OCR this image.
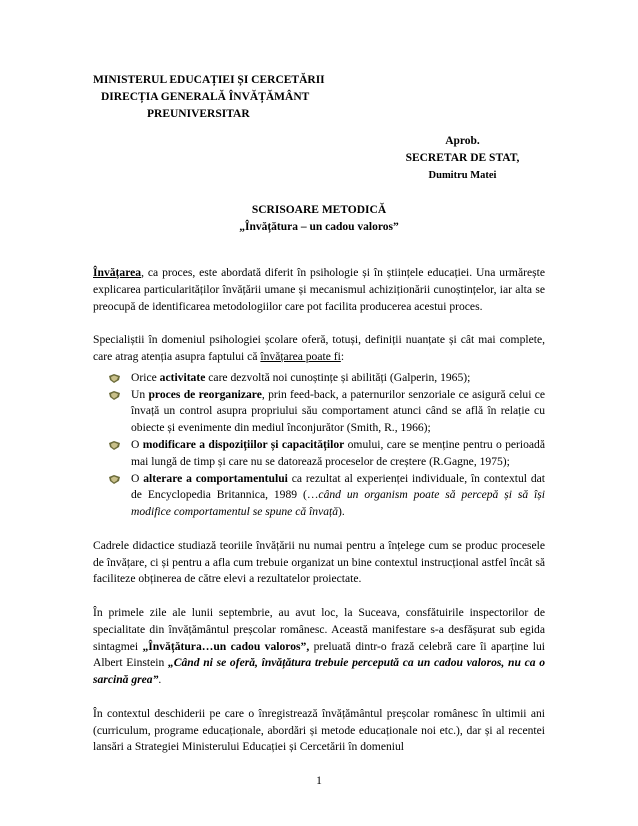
MINISTERUL EDUCAȚIEI ȘI CERCETĂRII
DIRECȚIA GENERALĂ ÎNVĂȚĂMÂNT
PREUNIVERSITAR
Aprob.
SECRETAR DE STAT,
Dumitru Matei
SCRISOARE METODICĂ
„Învățătura – un cadou valoros”

Învățarea, ca proces, este abordată diferit în psihologie și în științele educației. Una urmărește explicarea particularităților învățării umane și mecanismul achiziționării cunoștințelor, iar alta se preocupă de identificarea metodologiilor care pot facilita producerea acestui proces.

Specialiștii în domeniul psihologiei școlare oferă, totuși, definiții nuanțate și cât mai complete, care atrag atenția asupra faptului că învățarea poate fi:

Orice activitate care dezvoltă noi cunoștințe și abilități (Galperin, 1965);
Un proces de reorganizare, prin feed-back, a paternurilor senzoriale ce asigură celui ce învață un control asupra propriului său comportament atunci când se află în relație cu obiecte și evenimente din mediul înconjurător (Smith, R., 1966);
O modificare a dispozițiilor și capacităților omului, care se menține pentru o perioadă mai lungă de timp și care nu se datorează proceselor de creștere (R.Gagne, 1975);
O alterare a comportamentului ca rezultat al experienței individuale, în contextul dat de Encyclopedia Britannica, 1989 (…când un organism poate să percepă și să își modifice comportamentul se spune că învață).

Cadrele didactice studiază teoriile învățării nu numai pentru a înțelege cum se produc procesele de învățare, ci și pentru a afla cum trebuie organizat un bine contextul instrucțional astfel încât să faciliteze obținerea de către elevi a rezultatelor proiectate.

În primele zile ale lunii septembrie, au avut loc, la Suceava, consfătuirile inspectorilor de specialitate din învățământul preșcolar românesc. Această manifestare s-a desfășurat sub egida sintagmei „Învățătura…un cadou valoros”, preluată dintr-o frază celebră care îi aparține lui Albert Einstein „Când ni se oferă, învățătura trebuie percepută ca un cadou valoros, nu ca o sarcină grea”.

În contextul deschiderii pe care o înregistrează învățământul preșcolar românesc în ultimii ani (curriculum, programe educaționale, abordări și metode educaționale noi etc.), dar și al recentei lansări a Strategiei Ministerului Educației și Cercetării în domeniul

1
